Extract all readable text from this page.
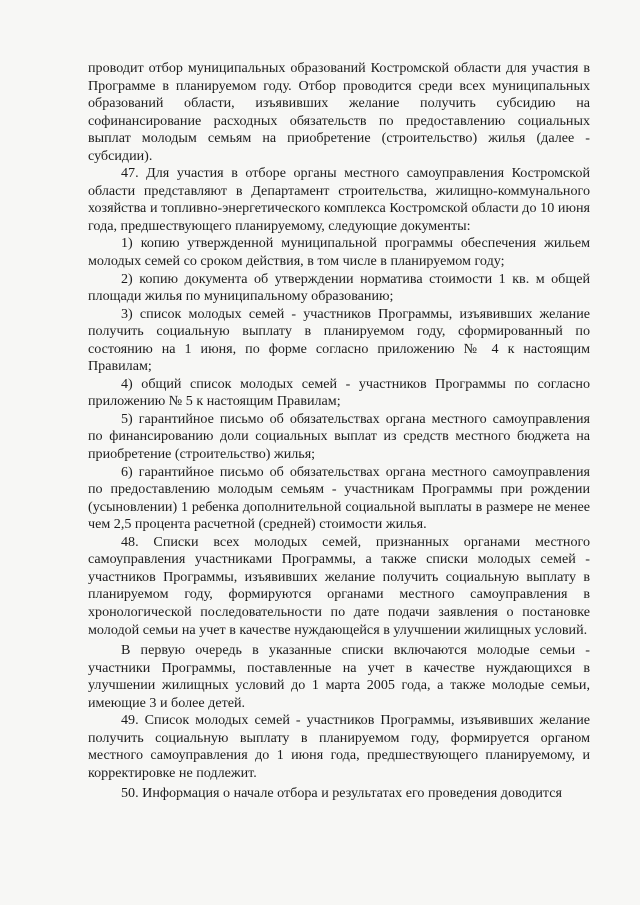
проводит отбор муниципальных образований Костромской области для участия в Программе в планируемом году. Отбор проводится среди всех муниципальных образований области, изъявивших желание получить субсидию на софинансирование расходных обязательств по предоставлению социальных выплат молодым семьям на приобретение (строительство) жилья (далее - субсидии).

47. Для участия в отборе органы местного самоуправления Костромской области представляют в Департамент строительства, жилищно-коммунального хозяйства и топливно-энергетического комплекса Костромской области до 10 июня года, предшествующего планируемому, следующие документы:

1) копию утвержденной муниципальной программы обеспечения жильем молодых семей со сроком действия, в том числе в планируемом году;

2) копию документа об утверждении норматива стоимости 1 кв. м общей площади жилья по муниципальному образованию;

3) список молодых семей - участников Программы, изъявивших желание получить социальную выплату в планируемом году, сформированный по состоянию на 1 июня, по форме согласно приложению № 4 к настоящим Правилам;

4) общий список молодых семей - участников Программы по согласно приложению № 5 к настоящим Правилам;

5) гарантийное письмо об обязательствах органа местного самоуправления по финансированию доли социальных выплат из средств местного бюджета на приобретение (строительство) жилья;

6) гарантийное письмо об обязательствах органа местного самоуправления по предоставлению молодым семьям - участникам Программы при рождении (усыновлении) 1 ребенка дополнительной социальной выплаты в размере не менее чем 2,5 процента расчетной (средней) стоимости жилья.

48. Списки всех молодых семей, признанных органами местного самоуправления участниками Программы, а также списки молодых семей - участников Программы, изъявивших желание получить социальную выплату в планируемом году, формируются органами местного самоуправления в хронологической последовательности по дате подачи заявления о постановке молодой семьи на учет в качестве нуждающейся в улучшении жилищных условий.

В первую очередь в указанные списки включаются молодые семьи - участники Программы, поставленные на учет в качестве нуждающихся в улучшении жилищных условий до 1 марта 2005 года, а также молодые семьи, имеющие 3 и более детей.

49. Список молодых семей - участников Программы, изъявивших желание получить социальную выплату в планируемом году, формируется органом местного самоуправления до 1 июня года, предшествующего планируемому, и корректировке не подлежит.

50. Информация о начале отбора и результатах его проведения доводится
